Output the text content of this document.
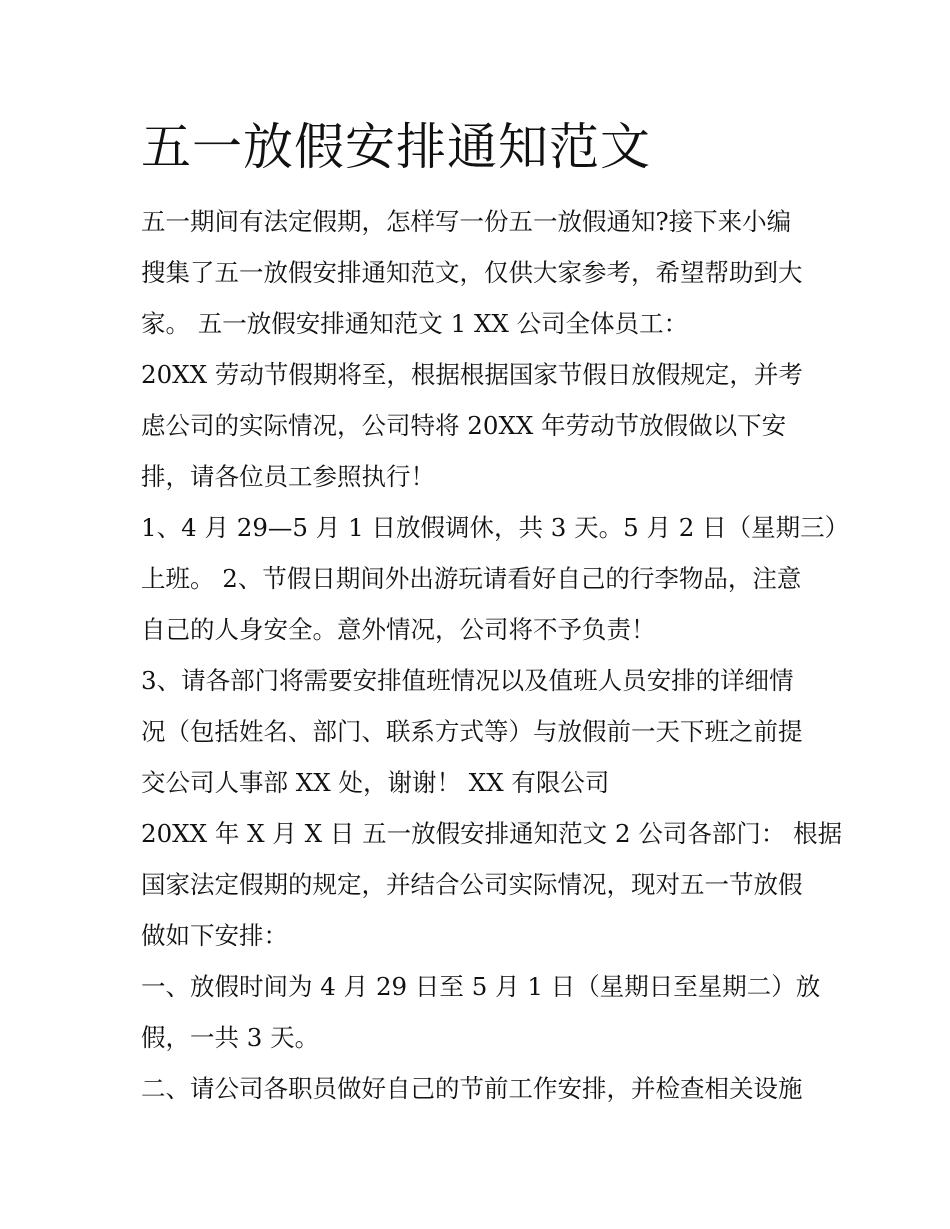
五一放假安排通知范文

五一期间有法定假期，怎样写一份五一放假通知?接下来小编

搜集了五一放假安排通知范文，仅供大家参考，希望帮助到大

家。 五一放假安排通知范文 1 XX 公司全体员工：

20XX 劳动节假期将至，根据根据国家节假日放假规定，并考

虑公司的实际情况，公司特将 20XX 年劳动节放假做以下安

排，请各位员工参照执行！

1、4 月 29—5 月 1 日放假调休，共 3 天。5 月 2 日（星期三）

上班。 2、节假日期间外出游玩请看好自己的行李物品，注意

自己的人身安全。意外情况，公司将不予负责！

3、请各部门将需要安排值班情况以及值班人员安排的详细情

况（包括姓名、部门、联系方式等）与放假前一天下班之前提

交公司人事部 XX 处，谢谢！ XX 有限公司

20XX 年 X 月 X 日 五一放假安排通知范文 2 公司各部门： 根据

国家法定假期的规定，并结合公司实际情况，现对五一节放假

做如下安排：

一、放假时间为 4 月 29 日至 5 月 1 日（星期日至星期二）放

假，一共 3 天。

二、请公司各职员做好自己的节前工作安排，并检查相关设施
